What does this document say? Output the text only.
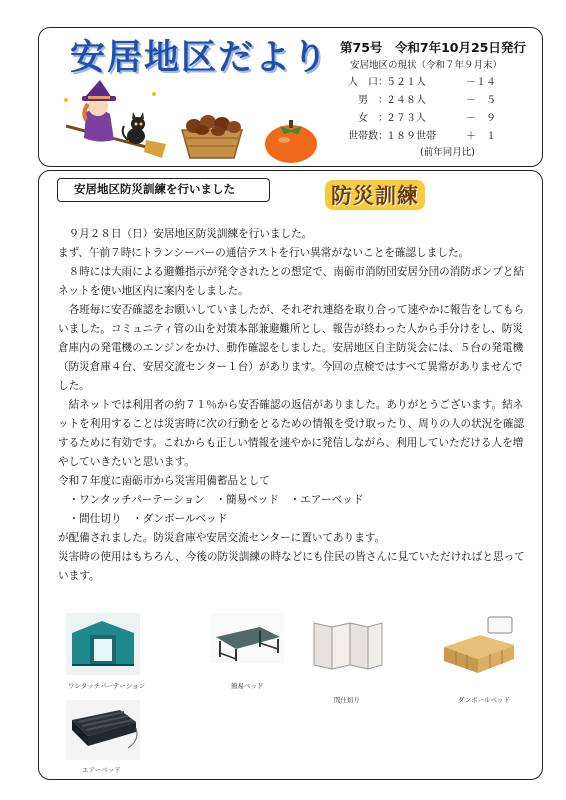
安居地区だより 第75号　令和7年10月25日発行
安居地区の現状（令和７年９月末）
人　口：
５２１人	－１４
　男　：
２４８人	－　５
　女　：
２７３人	－　９
世帯数：
１８９世帯	＋　１
(前年同月比)
安居地区防災訓練を行いました	防災訓練

　９月２８日（日）安居地区防災訓練を行いました。

まず、午前７時にトランシーバーの通信テストを行い異常がないことを確認しました。

　８時には大雨による避難指示が発令されたとの想定で、南砺市消防団安居分団の消防ポンプと結ネットを使い地区内に案内をしました。

　各班毎に安否確認をお願いしていましたが、それぞれ連絡を取り合って速やかに報告をしてもらいました。コミュニティ管の山を対策本部兼避難所とし、報告が終わった人から手分けをし、防災倉庫内の発電機のエンジンをかけ、動作確認をしました。安居地区自主防災会には、５台の発電機（防災倉庫４台、安居交流センター１台）があります。今回の点検ではすべて異常がありませんでした。

　結ネットでは利用者の約７１％から安否確認の返信がありました。ありがとうございます。結ネットを利用することは災害時に次の行動をとるための情報を受け取ったり、周りの人の状況を確認するために有効です。これからも正しい情報を速やかに発信しながら、利用していただける人を増やしていきたいと思います。

令和７年度に南砺市から災害用備蓄品として

　・ワンタッチパーテーション　・簡易ベッド　・エアーベッド

　・間仕切り　・ダンボールベッド

が配備されました。防災倉庫や安居交流センターに置いてあります。

災害時の使用はもちろん、今後の防災訓練の時などにも住民の皆さんに見ていただければと思っています。

ワンタッチパーテーション	簡易ベッド
間仕切り	ダンボールベッド
エアーベッド
